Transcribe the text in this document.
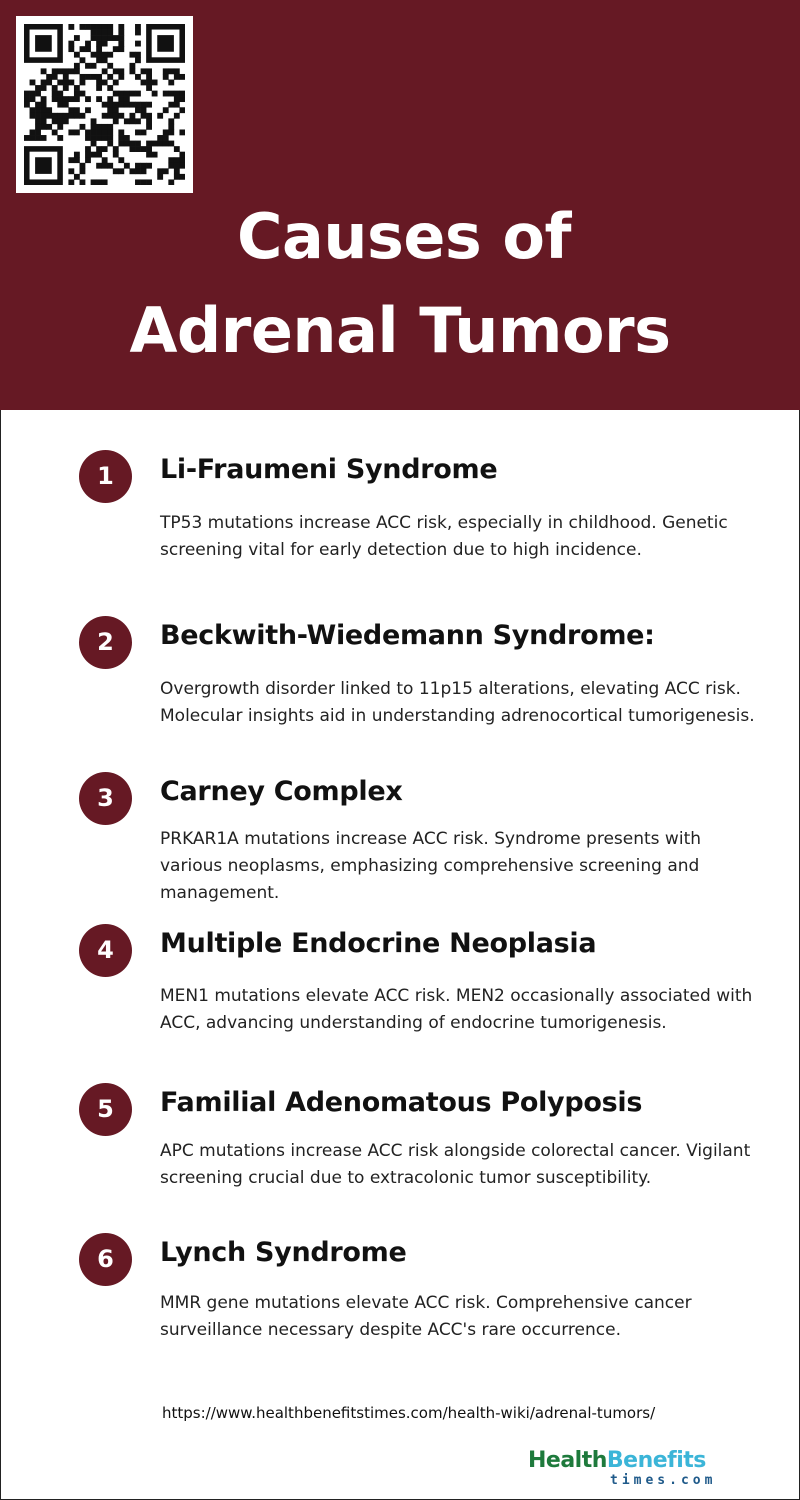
Causes of
Adrenal Tumors
1	Li-Fraumeni Syndrome
TP53 mutations increase ACC risk, especially in childhood. Genetic screening vital for early detection due to high incidence.
2	Beckwith-Wiedemann Syndrome:
Overgrowth disorder linked to 11p15 alterations, elevating ACC risk. Molecular insights aid in understanding adrenocortical tumorigenesis.
3	Carney Complex
PRKAR1A mutations increase ACC risk. Syndrome presents with various neoplasms, emphasizing comprehensive screening and management.
4	Multiple Endocrine Neoplasia
MEN1 mutations elevate ACC risk. MEN2 occasionally associated with ACC, advancing understanding of endocrine tumorigenesis.
5	Familial Adenomatous Polyposis
APC mutations increase ACC risk alongside colorectal cancer. Vigilant screening crucial due to extracolonic tumor susceptibility.
6	Lynch Syndrome
MMR gene mutations elevate ACC risk. Comprehensive cancer surveillance necessary despite ACC's rare occurrence.
https://www.healthbenefitstimes.com/health-wiki/adrenal-tumors/
HealthBenefits
times.com
